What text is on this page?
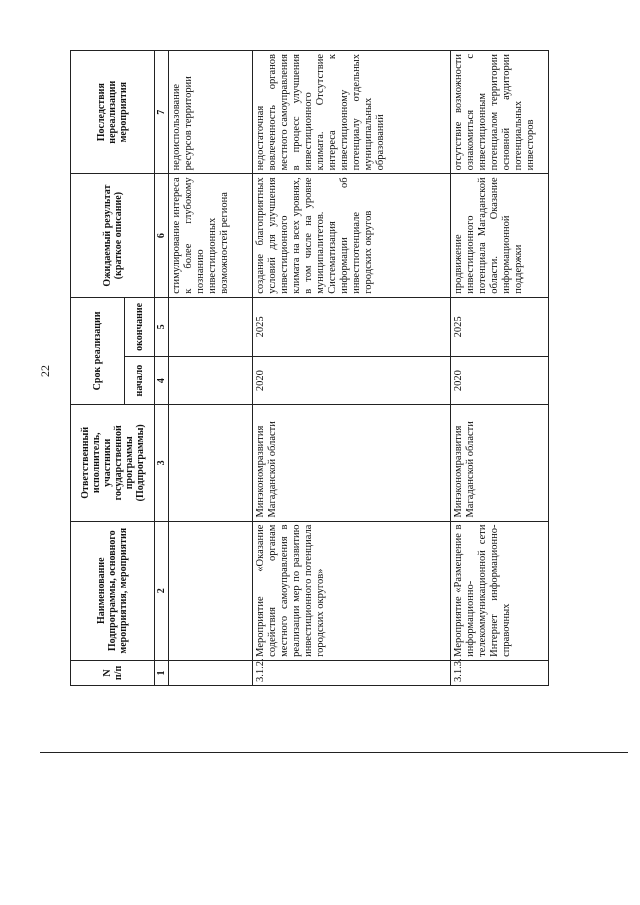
22
N п/п	Наименование Подпрограммы, основного мероприятия, мероприятия	Ответственный исполнитель, участники государственной программы (Подпрограммы)	Срок реализации		Ожидаемый результат (краткое описание)	Последствия нереализации мероприятия
			начало	окончание		
1	2	3	4	5	6	7
					стимулирование интереса к более глубокому познанию инвестиционных возможностей региона	недоиспользование ресурсов территории
3.1.2.	Мероприятие «Оказание содействия органам местного самоуправления в реализации мер по развитию инвестиционного потенциала городских округов»	Минэкономразвития Магаданской области	2020	2025	создание благоприятных условий для улучшения инвестиционного климата на всех уровнях, в том числе на уровне муниципалитетов. Систематизация информации об инвестпотенциале городских округов	недостаточная вовлеченность органов местного самоуправления в процесс улучшения инвестиционного климата. Отсутствие интереса к инвестиционному потенциалу отдельных муниципальных образований
3.1.3.	Мероприятие «Размещение в информационно-телекоммуникационной сети Интернет информационно-справочных	Минэкономразвития Магаданской области	2020	2025	продвижение инвестиционного потенциала Магаданской области. Оказание информационной поддержки	отсутствие возможности ознакомиться с инвестиционным потенциалом территории основной аудитории потенциальных инвесторов
